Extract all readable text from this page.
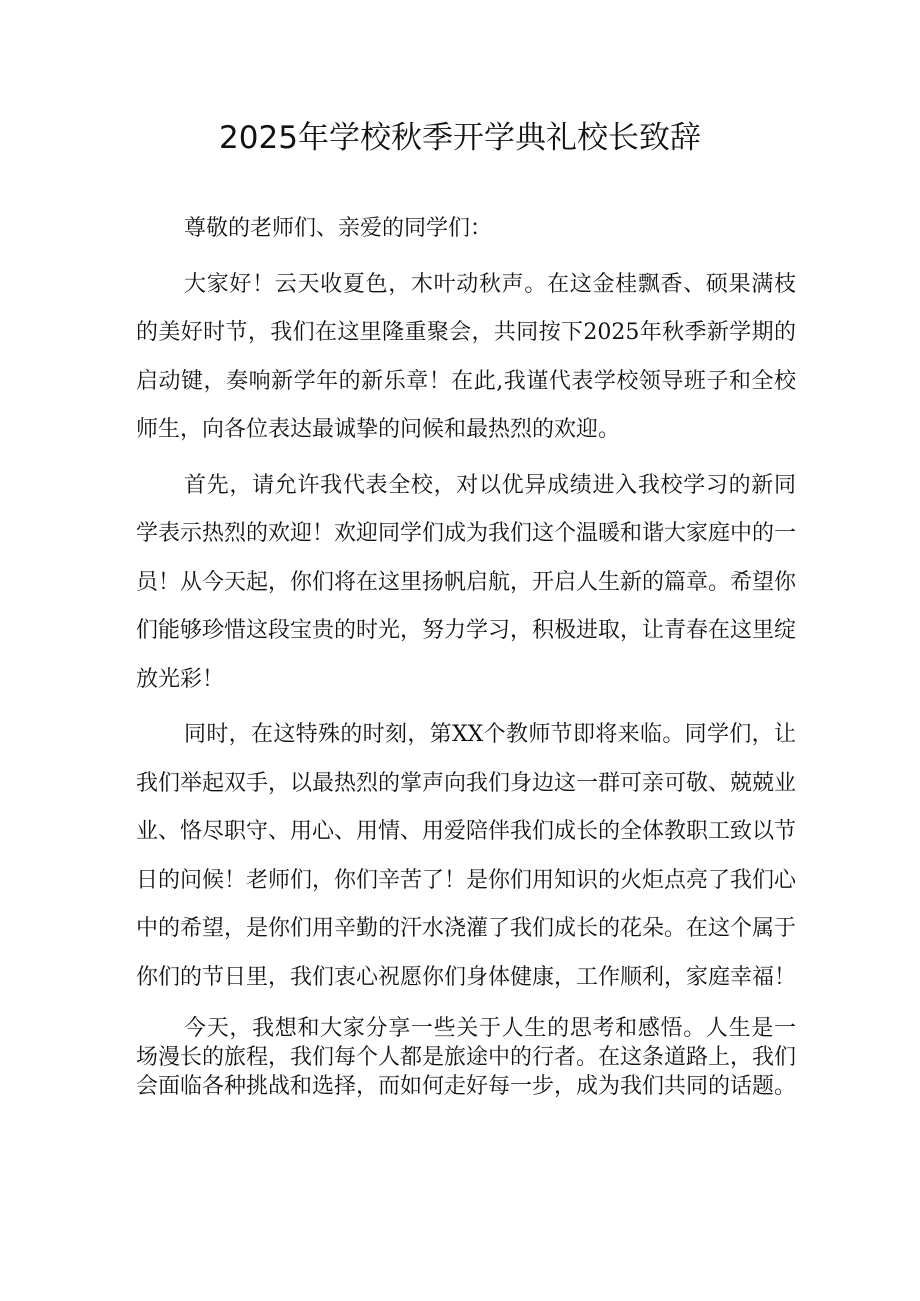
2025年学校秋季开学典礼校长致辞

尊敬的老师们、亲爱的同学们：

大家好！云天收夏色，木叶动秋声。在这金桂飘香、硕果满枝的美好时节，我们在这里隆重聚会，共同按下2025年秋季新学期的启动键，奏响新学年的新乐章！在此,我谨代表学校领导班子和全校师生，向各位表达最诚挚的问候和最热烈的欢迎。

首先，请允许我代表全校，对以优异成绩进入我校学习的新同学表示热烈的欢迎！欢迎同学们成为我们这个温暖和谐大家庭中的一员！从今天起，你们将在这里扬帆启航，开启人生新的篇章。希望你们能够珍惜这段宝贵的时光，努力学习，积极进取，让青春在这里绽放光彩！

同时，在这特殊的时刻，第XX个教师节即将来临。同学们，让我们举起双手，以最热烈的掌声向我们身边这一群可亲可敬、兢兢业业、恪尽职守、用心、用情、用爱陪伴我们成长的全体教职工致以节日的问候！老师们，你们辛苦了！是你们用知识的火炬点亮了我们心中的希望，是你们用辛勤的汗水浇灌了我们成长的花朵。在这个属于你们的节日里，我们衷心祝愿你们身体健康，工作顺利，家庭幸福！

今天，我想和大家分享一些关于人生的思考和感悟。人生是一场漫长的旅程，我们每个人都是旅途中的行者。在这条道路上，我们会面临各种挑战和选择，而如何走好每一步，成为我们共同的话题。
